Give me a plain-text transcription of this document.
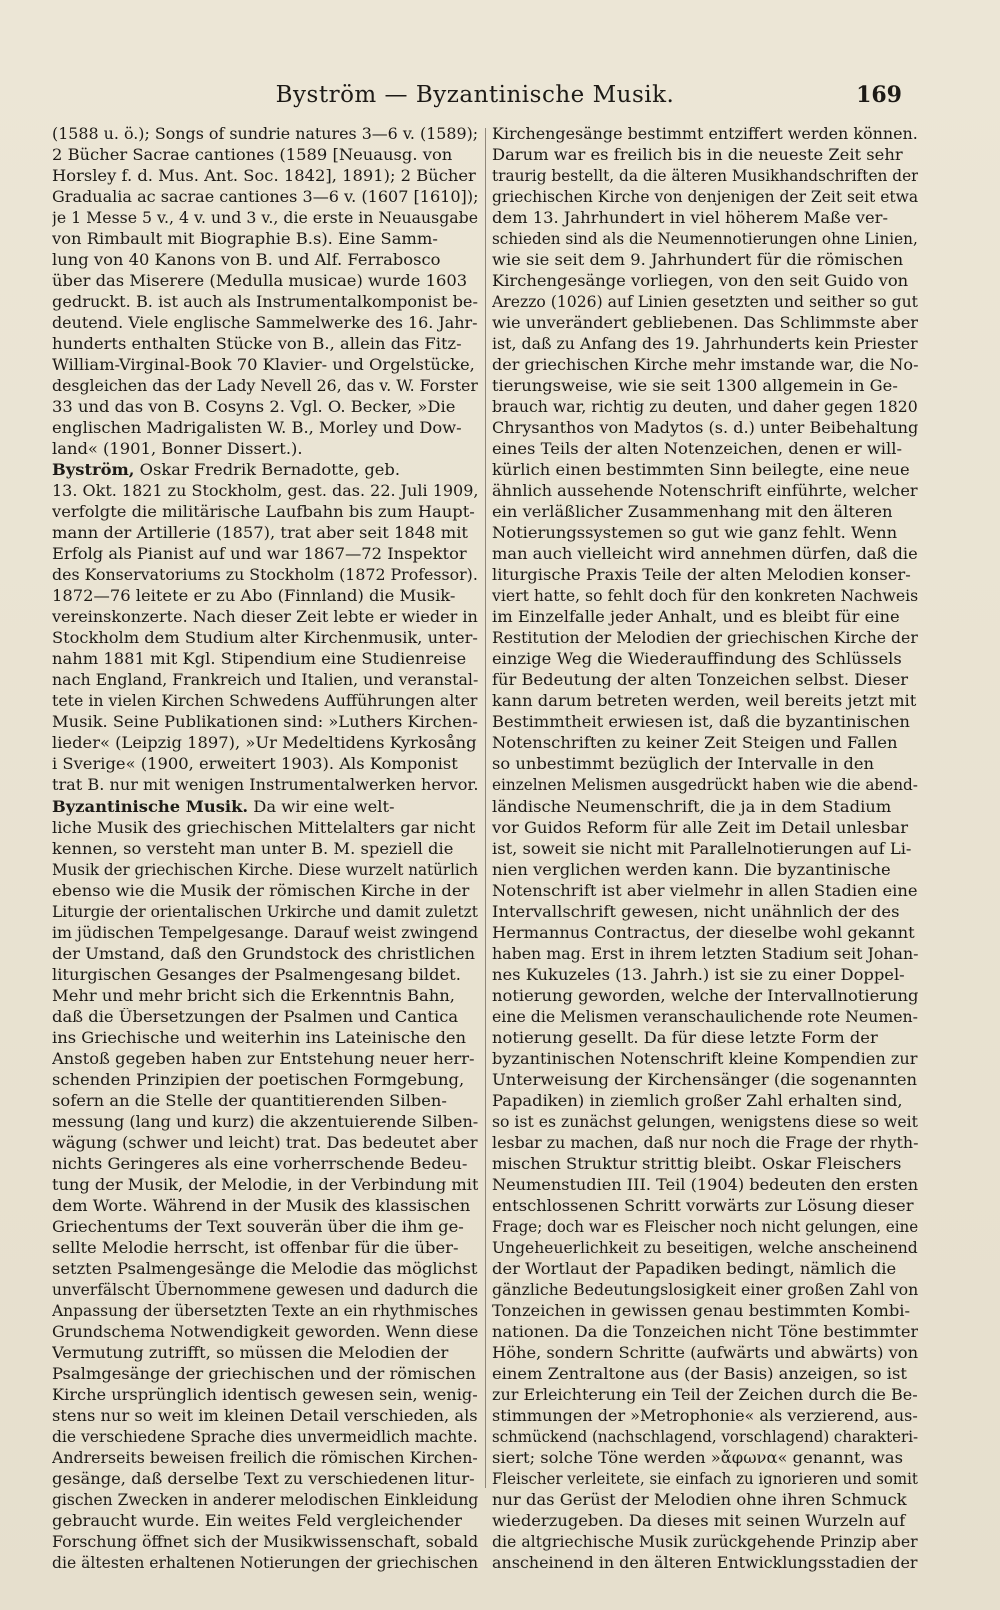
Byström — Byzantinische Musik.	169
(1588 u. ö.); Songs of sundrie natures 3—6 v. (1589);
2 Bücher Sacrae cantiones (1589 [Neuausg. von
Horsley f. d. Mus. Ant. Soc. 1842], 1891); 2 Bücher
Gradualia ac sacrae cantiones 3—6 v. (1607 [1610]);
je 1 Messe 5 v., 4 v. und 3 v., die erste in Neuausgabe
von Rimbault mit Biographie B.s). Eine Samm-
lung von 40 Kanons von B. und Alf. Ferrabosco
über das Miserere (Medulla musicae) wurde 1603
gedruckt. B. ist auch als Instrumentalkomponist be-
deutend. Viele englische Sammelwerke des 16. Jahr-
hunderts enthalten Stücke von B., allein das Fitz-
William-Virginal-Book 70 Klavier- und Orgelstücke,
desgleichen das der Lady Nevell 26, das v. W. Forster
33 und das von B. Cosyns 2. Vgl. O. Becker, »Die
englischen Madrigalisten W. B., Morley und Dow-
land« (1901, Bonner Dissert.).
Byström, Oskar Fredrik Bernadotte, geb.
13. Okt. 1821 zu Stockholm, gest. das. 22. Juli 1909,
verfolgte die militärische Laufbahn bis zum Haupt-
mann der Artillerie (1857), trat aber seit 1848 mit
Erfolg als Pianist auf und war 1867—72 Inspektor
des Konservatoriums zu Stockholm (1872 Professor).
1872—76 leitete er zu Abo (Finnland) die Musik-
vereinskonzerte. Nach dieser Zeit lebte er wieder in
Stockholm dem Studium alter Kirchenmusik, unter-
nahm 1881 mit Kgl. Stipendium eine Studienreise
nach England, Frankreich und Italien, und veranstal-
tete in vielen Kirchen Schwedens Aufführungen alter
Musik. Seine Publikationen sind: »Luthers Kirchen-
lieder« (Leipzig 1897), »Ur Medeltidens Kyrkosång
i Sverige« (1900, erweitert 1903). Als Komponist
trat B. nur mit wenigen Instrumentalwerken hervor.
Byzantinische Musik. Da wir eine welt-
liche Musik des griechischen Mittelalters gar nicht
kennen, so versteht man unter B. M. speziell die
Musik der griechischen Kirche. Diese wurzelt natürlich
ebenso wie die Musik der römischen Kirche in der
Liturgie der orientalischen Urkirche und damit zuletzt
im jüdischen Tempelgesange. Darauf weist zwingend
der Umstand, daß den Grundstock des christlichen
liturgischen Gesanges der Psalmengesang bildet.
Mehr und mehr bricht sich die Erkenntnis Bahn,
daß die Übersetzungen der Psalmen und Cantica
ins Griechische und weiterhin ins Lateinische den
Anstoß gegeben haben zur Entstehung neuer herr-
schenden Prinzipien der poetischen Formgebung,
sofern an die Stelle der quantitierenden Silben-
messung (lang und kurz) die akzentuierende Silben-
wägung (schwer und leicht) trat. Das bedeutet aber
nichts Geringeres als eine vorherrschende Bedeu-
tung der Musik, der Melodie, in der Verbindung mit
dem Worte. Während in der Musik des klassischen
Griechentums der Text souverän über die ihm ge-
sellte Melodie herrscht, ist offenbar für die über-
setzten Psalmengesänge die Melodie das möglichst
unverfälscht Übernommene gewesen und dadurch die
Anpassung der übersetzten Texte an ein rhythmisches
Grundschema Notwendigkeit geworden. Wenn diese
Vermutung zutrifft, so müssen die Melodien der
Psalmgesänge der griechischen und der römischen
Kirche ursprünglich identisch gewesen sein, wenig-
stens nur so weit im kleinen Detail verschieden, als
die verschiedene Sprache dies unvermeidlich machte.
Andrerseits beweisen freilich die römischen Kirchen-
gesänge, daß derselbe Text zu verschiedenen litur-
gischen Zwecken in anderer melodischen Einkleidung
gebraucht wurde. Ein weites Feld vergleichender
Forschung öffnet sich der Musikwissenschaft, sobald
die ältesten erhaltenen Notierungen der griechischen
Kirchengesänge bestimmt entziffert werden können.
Darum war es freilich bis in die neueste Zeit sehr
traurig bestellt, da die älteren Musikhandschriften der
griechischen Kirche von denjenigen der Zeit seit etwa
dem 13. Jahrhundert in viel höherem Maße ver-
schieden sind als die Neumennotierungen ohne Linien,
wie sie seit dem 9. Jahrhundert für die römischen
Kirchengesänge vorliegen, von den seit Guido von
Arezzo (1026) auf Linien gesetzten und seither so gut
wie unverändert gebliebenen. Das Schlimmste aber
ist, daß zu Anfang des 19. Jahrhunderts kein Priester
der griechischen Kirche mehr imstande war, die No-
tierungsweise, wie sie seit 1300 allgemein in Ge-
brauch war, richtig zu deuten, und daher gegen 1820
Chrysanthos von Madytos (s. d.) unter Beibehaltung
eines Teils der alten Notenzeichen, denen er will-
kürlich einen bestimmten Sinn beilegte, eine neue
ähnlich aussehende Notenschrift einführte, welcher
ein verläßlicher Zusammenhang mit den älteren
Notierungssystemen so gut wie ganz fehlt. Wenn
man auch vielleicht wird annehmen dürfen, daß die
liturgische Praxis Teile der alten Melodien konser-
viert hatte, so fehlt doch für den konkreten Nachweis
im Einzelfalle jeder Anhalt, und es bleibt für eine
Restitution der Melodien der griechischen Kirche der
einzige Weg die Wiederauffindung des Schlüssels
für Bedeutung der alten Tonzeichen selbst. Dieser
kann darum betreten werden, weil bereits jetzt mit
Bestimmtheit erwiesen ist, daß die byzantinischen
Notenschriften zu keiner Zeit Steigen und Fallen
so unbestimmt bezüglich der Intervalle in den
einzelnen Melismen ausgedrückt haben wie die abend-
ländische Neumenschrift, die ja in dem Stadium
vor Guidos Reform für alle Zeit im Detail unlesbar
ist, soweit sie nicht mit Parallelnotierungen auf Li-
nien verglichen werden kann. Die byzantinische
Notenschrift ist aber vielmehr in allen Stadien eine
Intervallschrift gewesen, nicht unähnlich der des
Hermannus Contractus, der dieselbe wohl gekannt
haben mag. Erst in ihrem letzten Stadium seit Johan-
nes Kukuzeles (13. Jahrh.) ist sie zu einer Doppel-
notierung geworden, welche der Intervallnotierung
eine die Melismen veranschaulichende rote Neumen-
notierung gesellt. Da für diese letzte Form der
byzantinischen Notenschrift kleine Kompendien zur
Unterweisung der Kirchensänger (die sogenannten
Papadiken) in ziemlich großer Zahl erhalten sind,
so ist es zunächst gelungen, wenigstens diese so weit
lesbar zu machen, daß nur noch die Frage der rhyth-
mischen Struktur strittig bleibt. Oskar Fleischers
Neumenstudien III. Teil (1904) bedeuten den ersten
entschlossenen Schritt vorwärts zur Lösung dieser
Frage; doch war es Fleischer noch nicht gelungen, eine
Ungeheuerlichkeit zu beseitigen, welche anscheinend
der Wortlaut der Papadiken bedingt, nämlich die
gänzliche Bedeutungslosigkeit einer großen Zahl von
Tonzeichen in gewissen genau bestimmten Kombi-
nationen. Da die Tonzeichen nicht Töne bestimmter
Höhe, sondern Schritte (aufwärts und abwärts) von
einem Zentraltone aus (der Basis) anzeigen, so ist
zur Erleichterung ein Teil der Zeichen durch die Be-
stimmungen der »Metrophonie« als verzierend, aus-
schmückend (nachschlagend, vorschlagend) charakteri-
siert; solche Töne werden »ἄφωνα« genannt, was
Fleischer verleitete, sie einfach zu ignorieren und somit
nur das Gerüst der Melodien ohne ihren Schmuck
wiederzugeben. Da dieses mit seinen Wurzeln auf
die altgriechische Musik zurückgehende Prinzip aber
anscheinend in den älteren Entwicklungsstadien der
